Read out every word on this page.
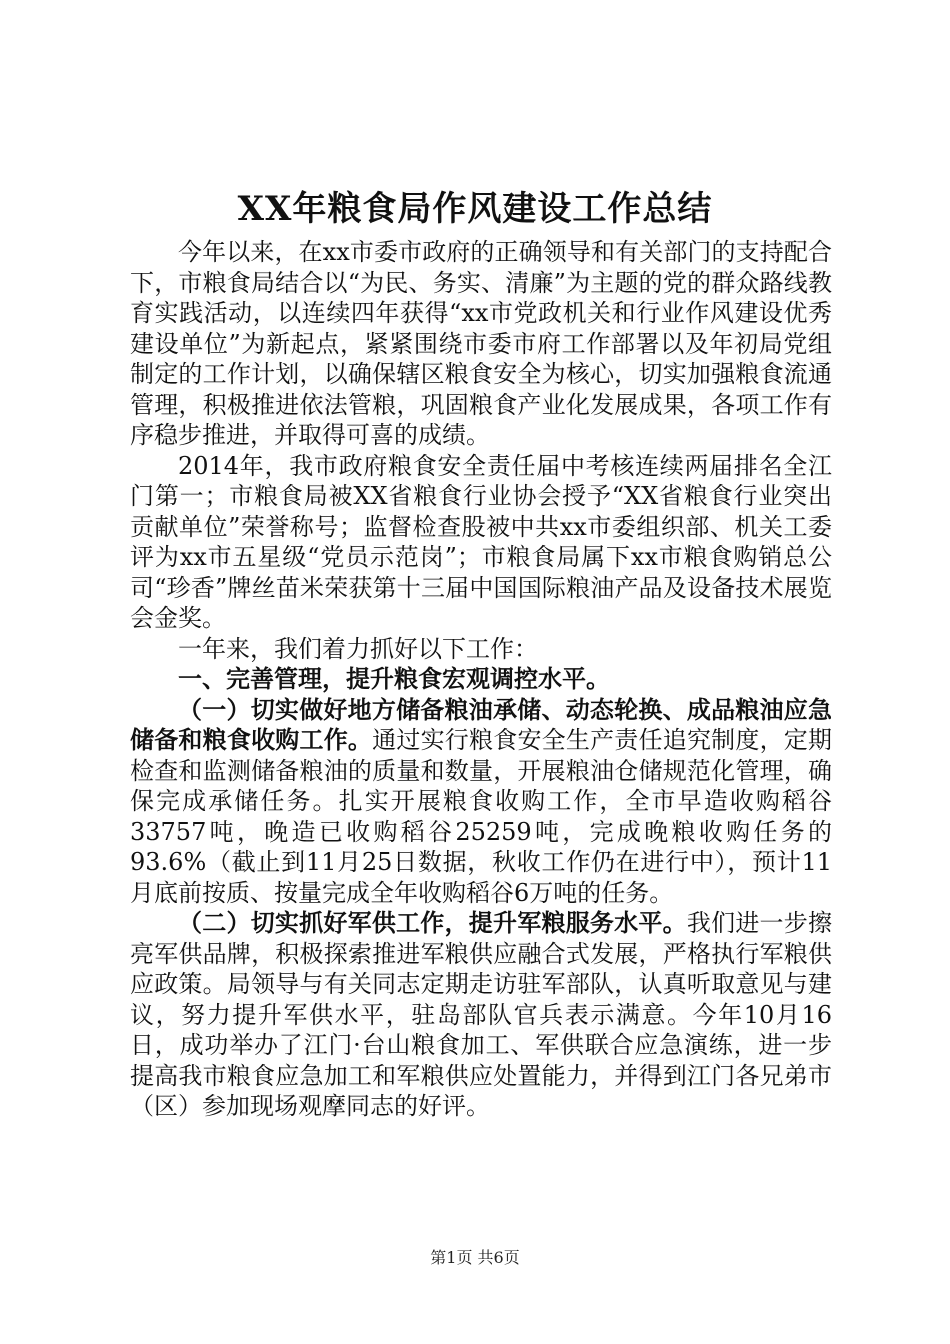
XX年粮食局作风建设工作总结

今年以来，在xx市委市政府的正确领导和有关部门的支持配合下，市粮食局结合以“为民、务实、清廉”为主题的党的群众路线教育实践活动，以连续四年获得“xx市党政机关和行业作风建设优秀建设单位”为新起点，紧紧围绕市委市府工作部署以及年初局党组制定的工作计划，以确保辖区粮食安全为核心，切实加强粮食流通管理，积极推进依法管粮，巩固粮食产业化发展成果，各项工作有序稳步推进，并取得可喜的成绩。

2014年，我市政府粮食安全责任届中考核连续两届排名全江门第一；市粮食局被XX省粮食行业协会授予“XX省粮食行业突出贡献单位”荣誉称号；监督检查股被中共xx市委组织部、机关工委评为xx市五星级“党员示范岗”；市粮食局属下xx市粮食购销总公司“珍香”牌丝苗米荣获第十三届中国国际粮油产品及设备技术展览会金奖。

一年来，我们着力抓好以下工作：

一、完善管理，提升粮食宏观调控水平。

（一）切实做好地方储备粮油承储、动态轮换、成品粮油应急储备和粮食收购工作。通过实行粮食安全生产责任追究制度，定期检查和监测储备粮油的质量和数量，开展粮油仓储规范化管理，确保完成承储任务。扎实开展粮食收购工作，全市早造收购稻谷33757吨，晚造已收购稻谷25259吨，完成晚粮收购任务的93.6%（截止到11月25日数据，秋收工作仍在进行中），预计11月底前按质、按量完成全年收购稻谷6万吨的任务。

（二）切实抓好军供工作，提升军粮服务水平。我们进一步擦亮军供品牌，积极探索推进军粮供应融合式发展，严格执行军粮供应政策。局领导与有关同志定期走访驻军部队，认真听取意见与建议，努力提升军供水平，驻岛部队官兵表示满意。今年10月16日，成功举办了江门·台山粮食加工、军供联合应急演练，进一步提高我市粮食应急加工和军粮供应处置能力，并得到江门各兄弟市（区）参加现场观摩同志的好评。

第1页 共6页
